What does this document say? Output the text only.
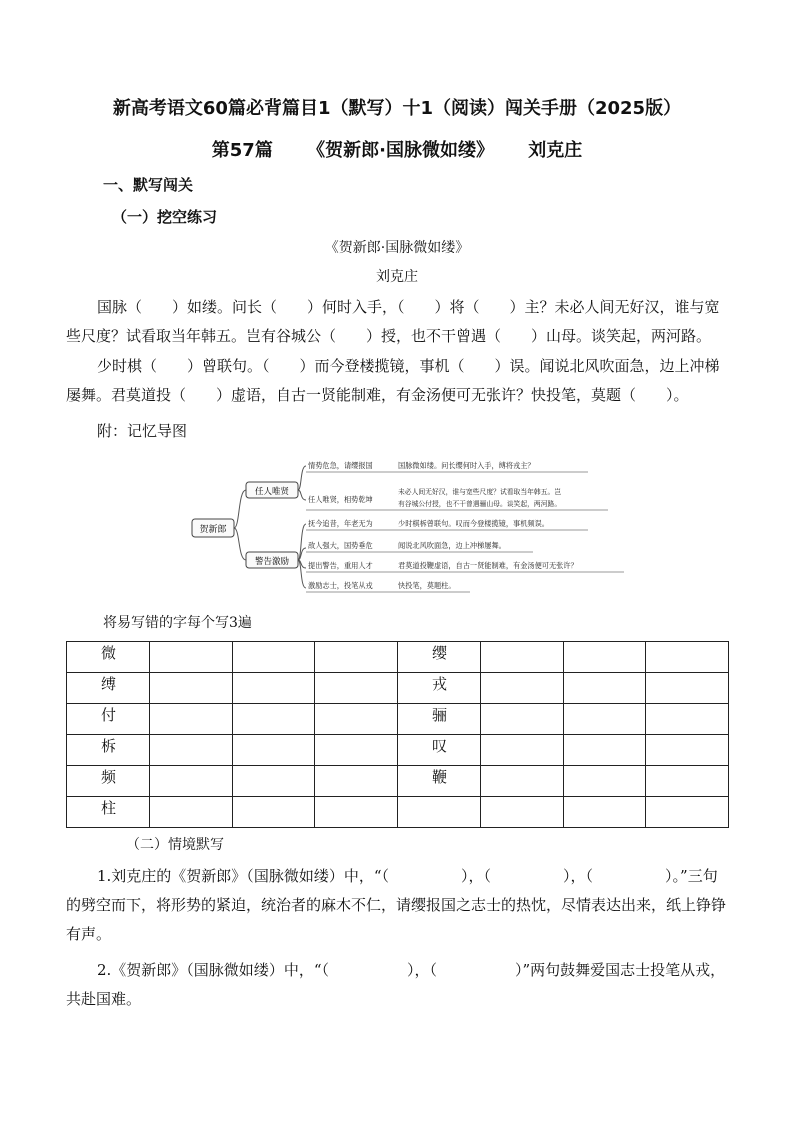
新高考语文60篇必背篇目1（默写）十1（阅读）闯关手册（2025版）
第57篇 《贺新郎·国脉微如缕》 刘克庄
一、默写闯关
（一）挖空练习
《贺新郎·国脉微如缕》
刘克庄

国脉（　　）如缕。问长（　　）何时入手，（　　）将（　　）主？未必人间无好汉，谁与宽些尺度？试看取当年韩五。岂有谷城公（　　）授，也不干曾遇（　　）山母。谈笑起，两河路。

少时棋（　　）曾联句。（　　）而今登楼揽镜，事机（　　）误。闻说北风吹面急，边上冲梯屡舞。君莫道投（　　）虚语，自古一贤能制难，有金汤便可无张许？快投笔，莫题（　　）。

附：记忆导图
贺新郎
任人唯贤
警告激励
情势危急，请缨报国	国脉微如缕。问长缨何时入手，缚将戎主？
任人唯贤，相势乾坤
未必人间无好汉，谁与宽些尺度？试看取当年韩五。岂
有谷城公付授，也不干曾遇骊山母。谈笑起，两河路。
抚今追昔，年老无为	少时棋柝曾联句。叹而今登楼揽镜，事机频误。
敌人强大，国势垂危	闻说北风吹面急，边上冲梯屡舞。
提出警告，重用人才	君莫道投鞭虚语，自古一贤能制难，有金汤便可无张许？
激励志士，投笔从戎	快投笔，莫题柱。
将易写错的字每个写3遍
微				缨			
缚				戎			
付				骊			
柝				叹			
频				鞭			
柱							
（二）情境默写

1.刘克庄的《贺新郎》（国脉微如缕）中，“（	），（	），（	）。”三句的劈空而下，将形势的紧迫，统治者的麻木不仁，请缨报国之志士的热忱，尽情表达出来，纸上铮铮有声。

2.《贺新郎》（国脉微如缕）中，“（	），（	）”两句鼓舞爱国志士投笔从戎，共赴国难。
